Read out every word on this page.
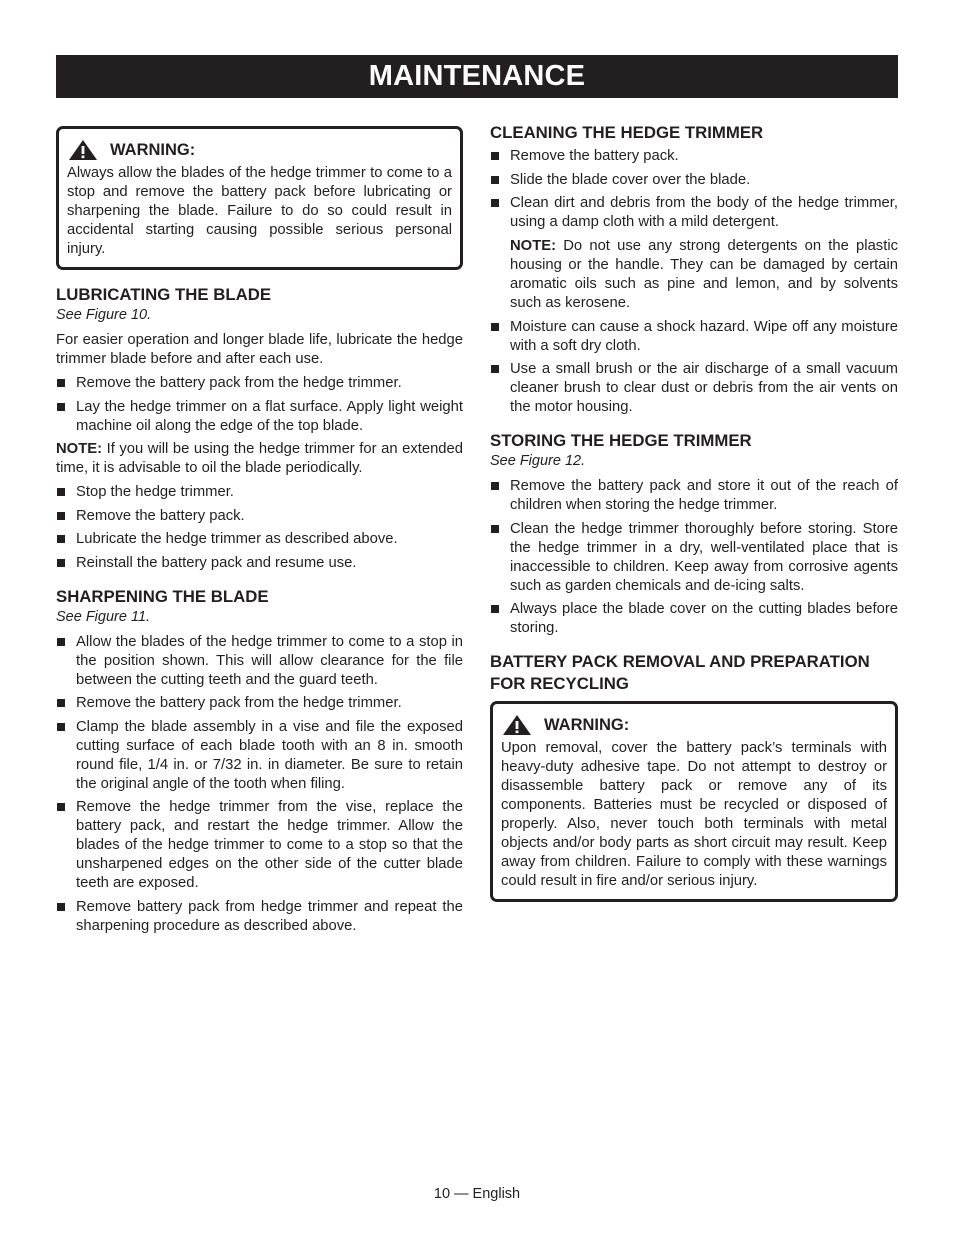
MAINTENANCE
WARNING:
Always allow the blades of the hedge trimmer to come to a stop and remove the battery pack before lubricating or sharpening the blade. Failure to do so could result in accidental starting causing possible serious personal injury.
LUBRICATING THE BLADE
See Figure 10.

For easier operation and longer blade life, lubricate the hedge trimmer blade before and after each use.

Remove the battery pack from the hedge trimmer.
Lay the hedge trimmer on a flat surface. Apply light weight machine oil along the edge of the top blade.

NOTE: If you will be using the hedge trimmer for an extended time, it is advisable to oil the blade periodically.

Stop the hedge trimmer.
Remove the battery pack.
Lubricate the hedge trimmer as described above.
Reinstall the battery pack and resume use.
SHARPENING THE BLADE
See Figure 11.
Allow the blades of the hedge trimmer to come to a stop in the position shown. This will allow clearance for the file between the cutting teeth and the guard teeth.
Remove the battery pack from the hedge trimmer.
Clamp the blade assembly in a vise and file the exposed cutting surface of each blade tooth with an 8 in. smooth round file, 1/4 in. or 7/32 in. in diameter. Be sure to retain the original angle of the tooth when filing.
Remove the hedge trimmer from the vise, replace the battery pack, and restart the hedge trimmer. Allow the blades of the hedge trimmer to come to a stop so that the unsharpened edges on the other side of the cutter blade teeth are exposed.
Remove battery pack from hedge trimmer and repeat the sharpening procedure as described above.
CLEANING THE HEDGE TRIMMER
Remove the battery pack.
Slide the blade cover over the blade.
Clean dirt and debris from the body of the hedge trimmer, using a damp cloth with a mild detergent.

NOTE: Do not use any strong detergents on the plastic housing or the handle. They can be damaged by certain aromatic oils such as pine and lemon, and by solvents such as kerosene.

Moisture can cause a shock hazard. Wipe off any moisture with a soft dry cloth.
Use a small brush or the air discharge of a small vacuum cleaner brush to clear dust or debris from the air vents on the motor housing.
STORING THE HEDGE TRIMMER
See Figure 12.
Remove the battery pack and store it out of the reach of children when storing the hedge trimmer.
Clean the hedge trimmer thoroughly before storing. Store the hedge trimmer in a dry, well-ventilated place that is inaccessible to children. Keep away from corrosive agents such as garden chemicals and de-icing salts.
Always place the blade cover on the cutting blades before storing.
BATTERY PACK REMOVAL AND PREPARATION FOR RECYCLING
WARNING:
Upon removal, cover the battery pack’s terminals with heavy-duty adhesive tape. Do not attempt to destroy or disassemble battery pack or remove any of its components. Batteries must be recycled or disposed of properly. Also, never touch both terminals with metal objects and/or body parts as short circuit may result. Keep away from children. Failure to comply with these warnings could result in fire and/or serious injury.
10 — English
